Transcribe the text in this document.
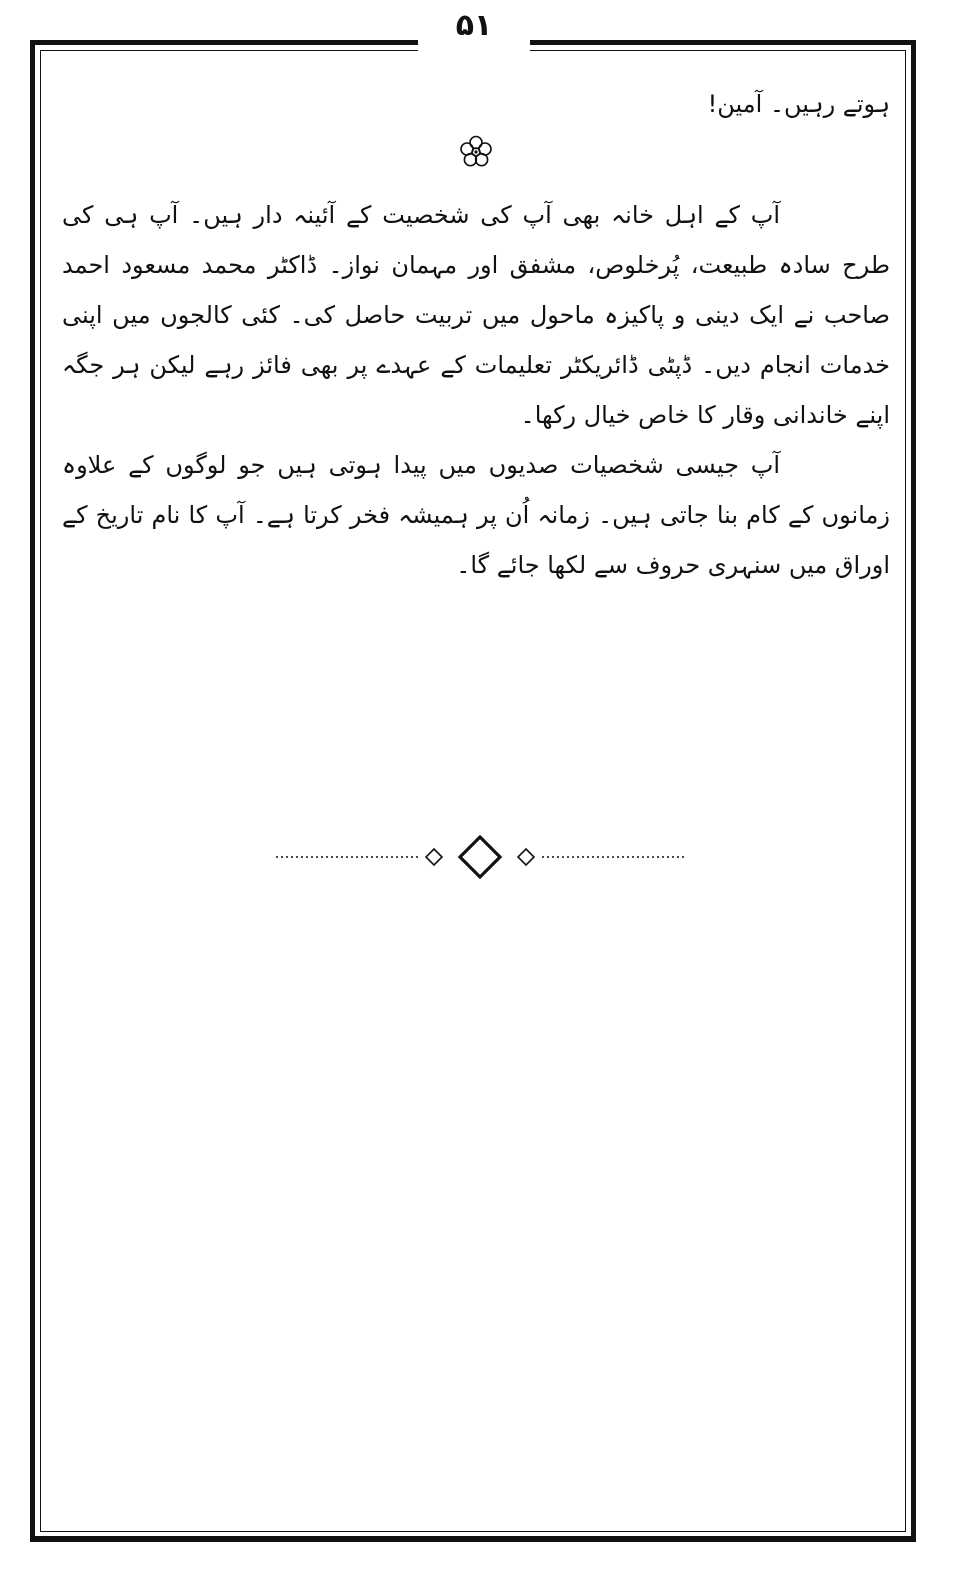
۵۱

ہوتے رہیں۔ آمین!

آپ کے اہل خانہ بھی آپ کی شخصیت کے آئینہ دار ہیں۔ آپ ہی کی طرح سادہ طبیعت، پُرخلوص، مشفق اور مہمان نواز۔ ڈاکٹر محمد مسعود احمد صاحب نے ایک دینی و پاکیزہ ماحول میں تربیت حاصل کی۔ کئی کالجوں میں اپنی خدمات انجام دیں۔ ڈپٹی ڈائریکٹر تعلیمات کے عہدے پر بھی فائز رہے لیکن ہر جگہ اپنے خاندانی وقار کا خاص خیال رکھا۔

آپ جیسی شخصیات صدیوں میں پیدا ہوتی ہیں جو لوگوں کے علاوہ زمانوں کے کام بنا جاتی ہیں۔ زمانہ اُن پر ہمیشہ فخر کرتا ہے۔ آپ کا نام تاریخ کے اوراق میں سنہری حروف سے لکھا جائے گا۔
